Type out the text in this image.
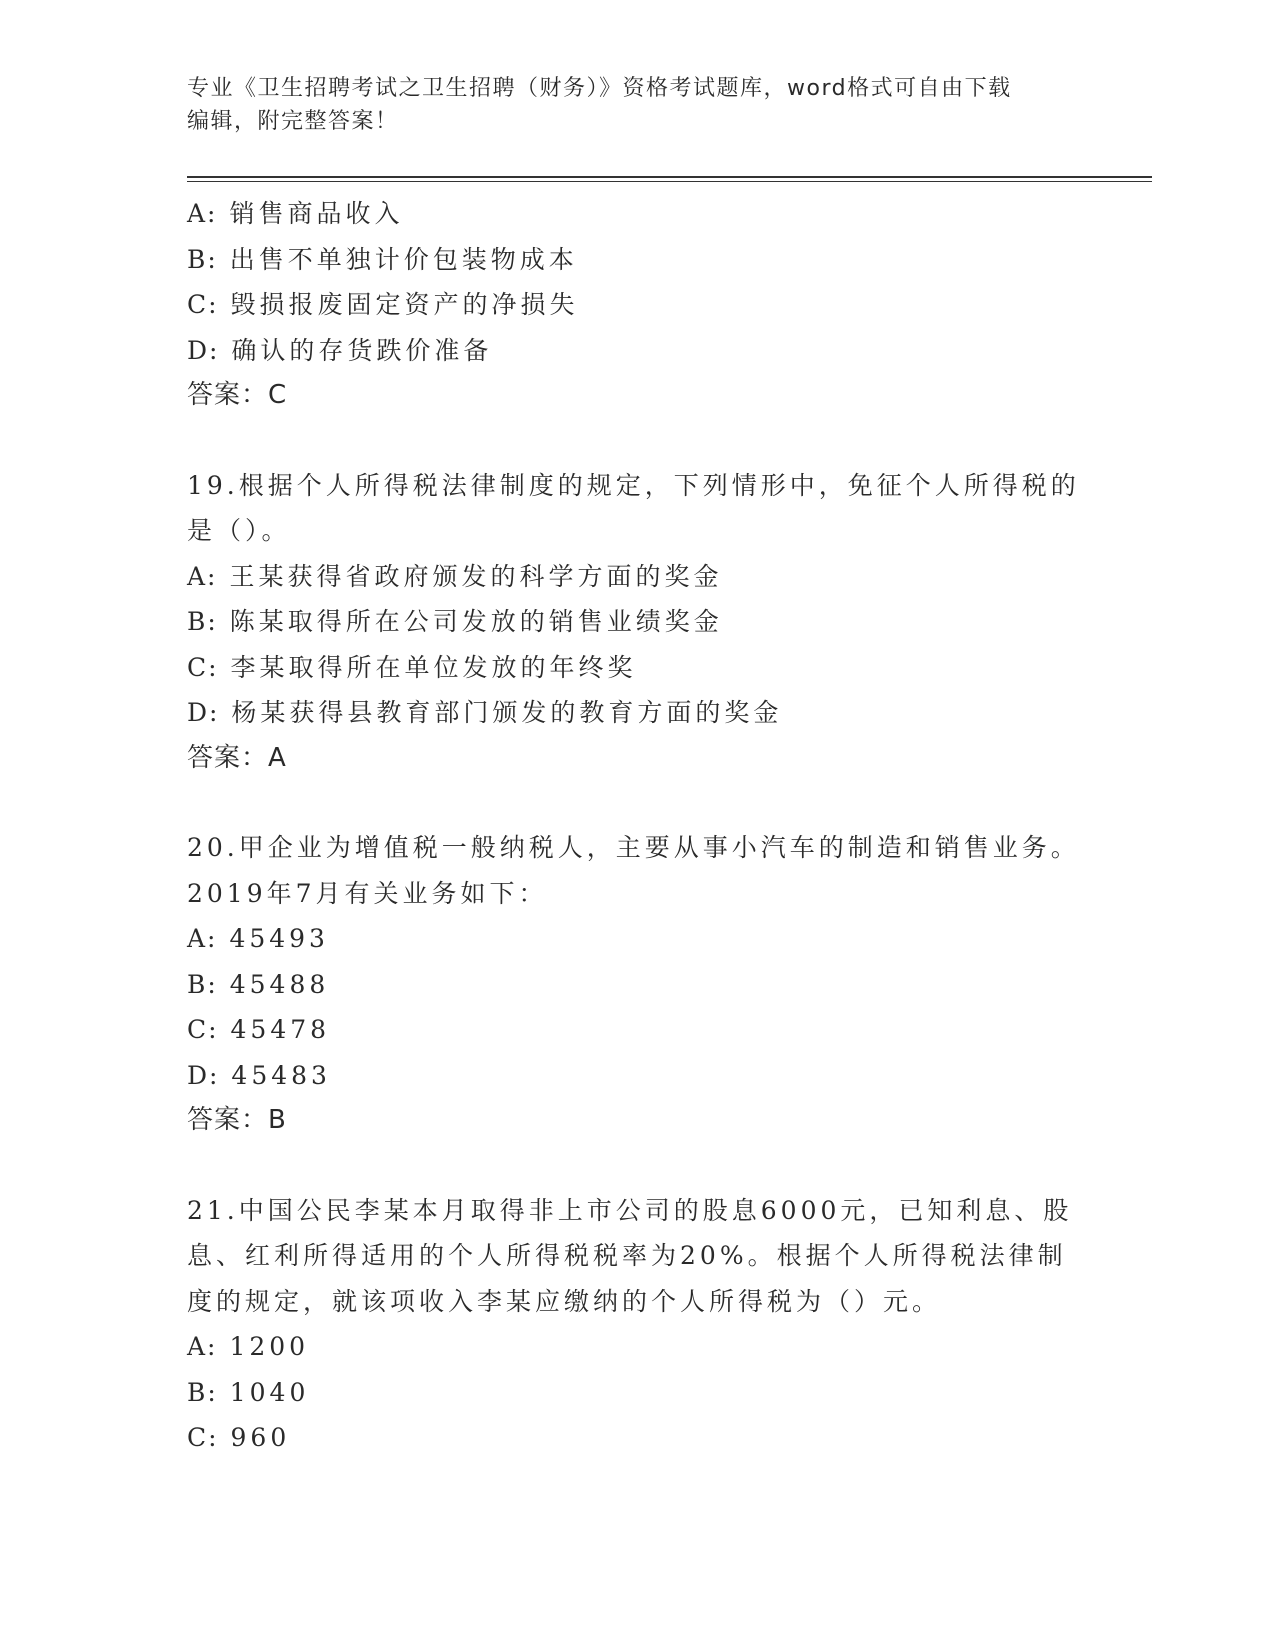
专业《卫生招聘考试之卫生招聘（财务）》资格考试题库，word格式可自由下载
编辑，附完整答案！
A: 销售商品收入
B: 出售不单独计价包装物成本
C: 毁损报废固定资产的净损失
D: 确认的存货跌价准备
答案：C
19.根据个人所得税法律制度的规定，下列情形中，免征个人所得税的
是（）。
A: 王某获得省政府颁发的科学方面的奖金
B: 陈某取得所在公司发放的销售业绩奖金
C: 李某取得所在单位发放的年终奖
D: 杨某获得县教育部门颁发的教育方面的奖金
答案：A
20.甲企业为增值税一般纳税人，主要从事小汽车的制造和销售业务。
2019年7月有关业务如下：
A: 45493
B: 45488
C: 45478
D: 45483
答案：B
21.中国公民李某本月取得非上市公司的股息6000元，已知利息、股
息、红利所得适用的个人所得税税率为20%。根据个人所得税法律制
度的规定，就该项收入李某应缴纳的个人所得税为（）元。
A: 1200
B: 1040
C: 960
